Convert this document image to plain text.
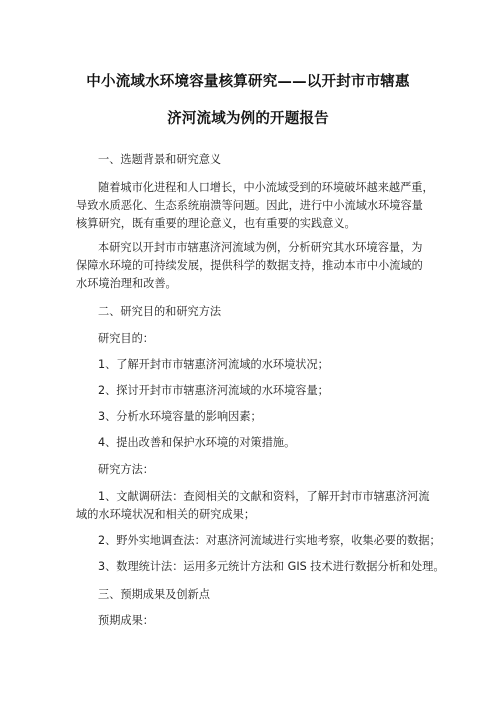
中小流域水环境容量核算研究——以开封市市辖惠
济河流域为例的开题报告
一、选题背景和研究意义
随着城市化进程和人口增长，中小流域受到的环境破坏越来越严重，
导致水质恶化、生态系统崩溃等问题。因此，进行中小流域水环境容量
核算研究，既有重要的理论意义，也有重要的实践意义。
本研究以开封市市辖惠济河流域为例，分析研究其水环境容量，为
保障水环境的可持续发展，提供科学的数据支持，推动本市中小流域的
水环境治理和改善。
二、研究目的和研究方法
研究目的：
1、了解开封市市辖惠济河流域的水环境状况；
2、探讨开封市市辖惠济河流域的水环境容量；
3、分析水环境容量的影响因素；
4、提出改善和保护水环境的对策措施。
研究方法：
1、文献调研法：查阅相关的文献和资料，了解开封市市辖惠济河流
域的水环境状况和相关的研究成果；
2、野外实地调查法：对惠济河流域进行实地考察，收集必要的数据；
3、数理统计法：运用多元统计方法和 GIS 技术进行数据分析和处理。
三、预期成果及创新点
预期成果：
